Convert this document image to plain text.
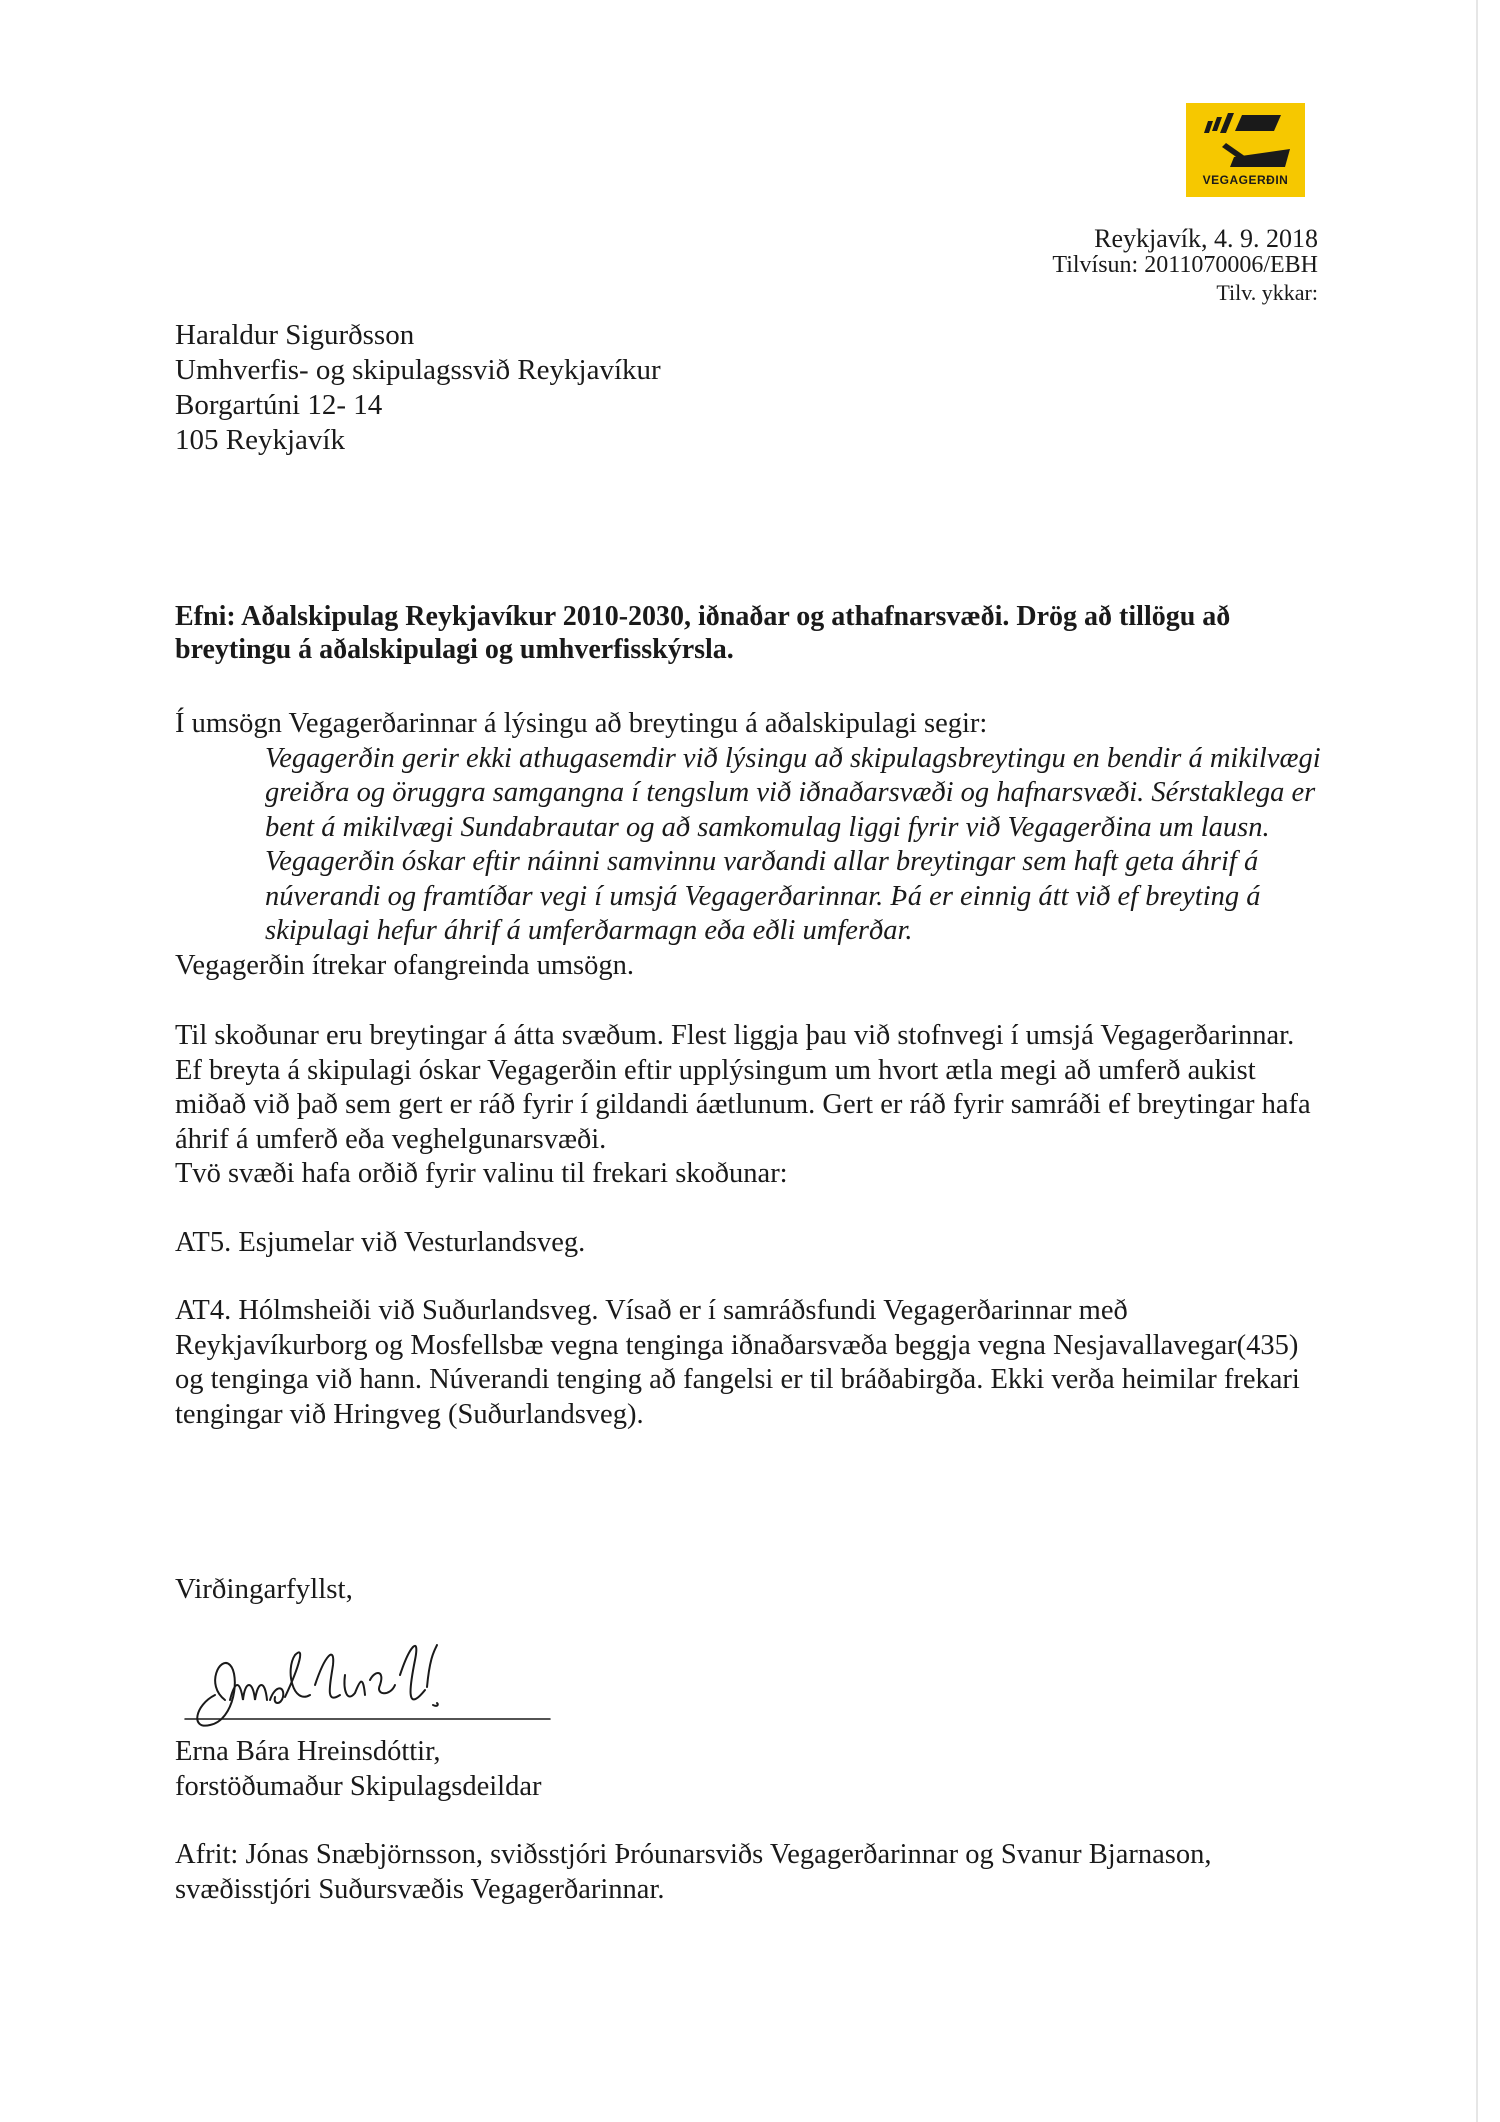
VEGAGERÐIN
Reykjavík, 4. 9. 2018
Tilvísun: 2011070006/EBH
Tilv. ykkar:
Haraldur Sigurðsson
Umhverfis- og skipulagssvið Reykjavíkur
Borgartúni 12- 14
105 Reykjavík
Efni: Aðalskipulag Reykjavíkur 2010-2030, iðnaðar og athafnarsvæði. Drög að tillögu að breytingu á aðalskipulagi og umhverfisskýrsla.

Í umsögn Vegagerðarinnar á lýsingu að breytingu á aðalskipulagi segir:

Vegagerðin gerir ekki athugasemdir við lýsingu að skipulagsbreytingu en bendir á mikilvægi greiðra og öruggra samgangna í tengslum við iðnaðarsvæði og hafnarsvæði. Sérstaklega er bent á mikilvægi Sundabrautar og að samkomulag liggi fyrir við Vegagerðina um lausn. Vegagerðin óskar eftir náinni samvinnu varðandi allar breytingar sem haft geta áhrif á núverandi og framtíðar vegi í umsjá Vegagerðarinnar. Þá er einnig átt við ef breyting á skipulagi hefur áhrif á umferðarmagn eða eðli umferðar.

Vegagerðin ítrekar ofangreinda umsögn.

Til skoðunar eru breytingar á átta svæðum. Flest liggja þau við stofnvegi í umsjá Vegagerðarinnar. Ef breyta á skipulagi óskar Vegagerðin eftir upplýsingum um hvort ætla megi að umferð aukist miðað við það sem gert er ráð fyrir í gildandi áætlunum. Gert er ráð fyrir samráði ef breytingar hafa áhrif á umferð eða veghelgunarsvæði.

Tvö svæði hafa orðið fyrir valinu til frekari skoðunar:

AT5. Esjumelar við Vesturlandsveg.

AT4. Hólmsheiði við Suðurlandsveg. Vísað er í samráðsfundi Vegagerðarinnar með Reykjavíkurborg og Mosfellsbæ vegna tenginga iðnaðarsvæða beggja vegna Nesjavallavegar(435) og tenginga við hann. Núverandi tenging að fangelsi er til bráðabirgða. Ekki verða heimilar frekari tengingar við Hringveg (Suðurlandsveg).

Virðingarfyllst,
Erna Bára Hreinsdóttir,
forstöðumaður Skipulagsdeildar
Afrit: Jónas Snæbjörnsson, sviðsstjóri Þróunarsviðs Vegagerðarinnar og Svanur Bjarnason, svæðisstjóri Suðursvæðis Vegagerðarinnar.
